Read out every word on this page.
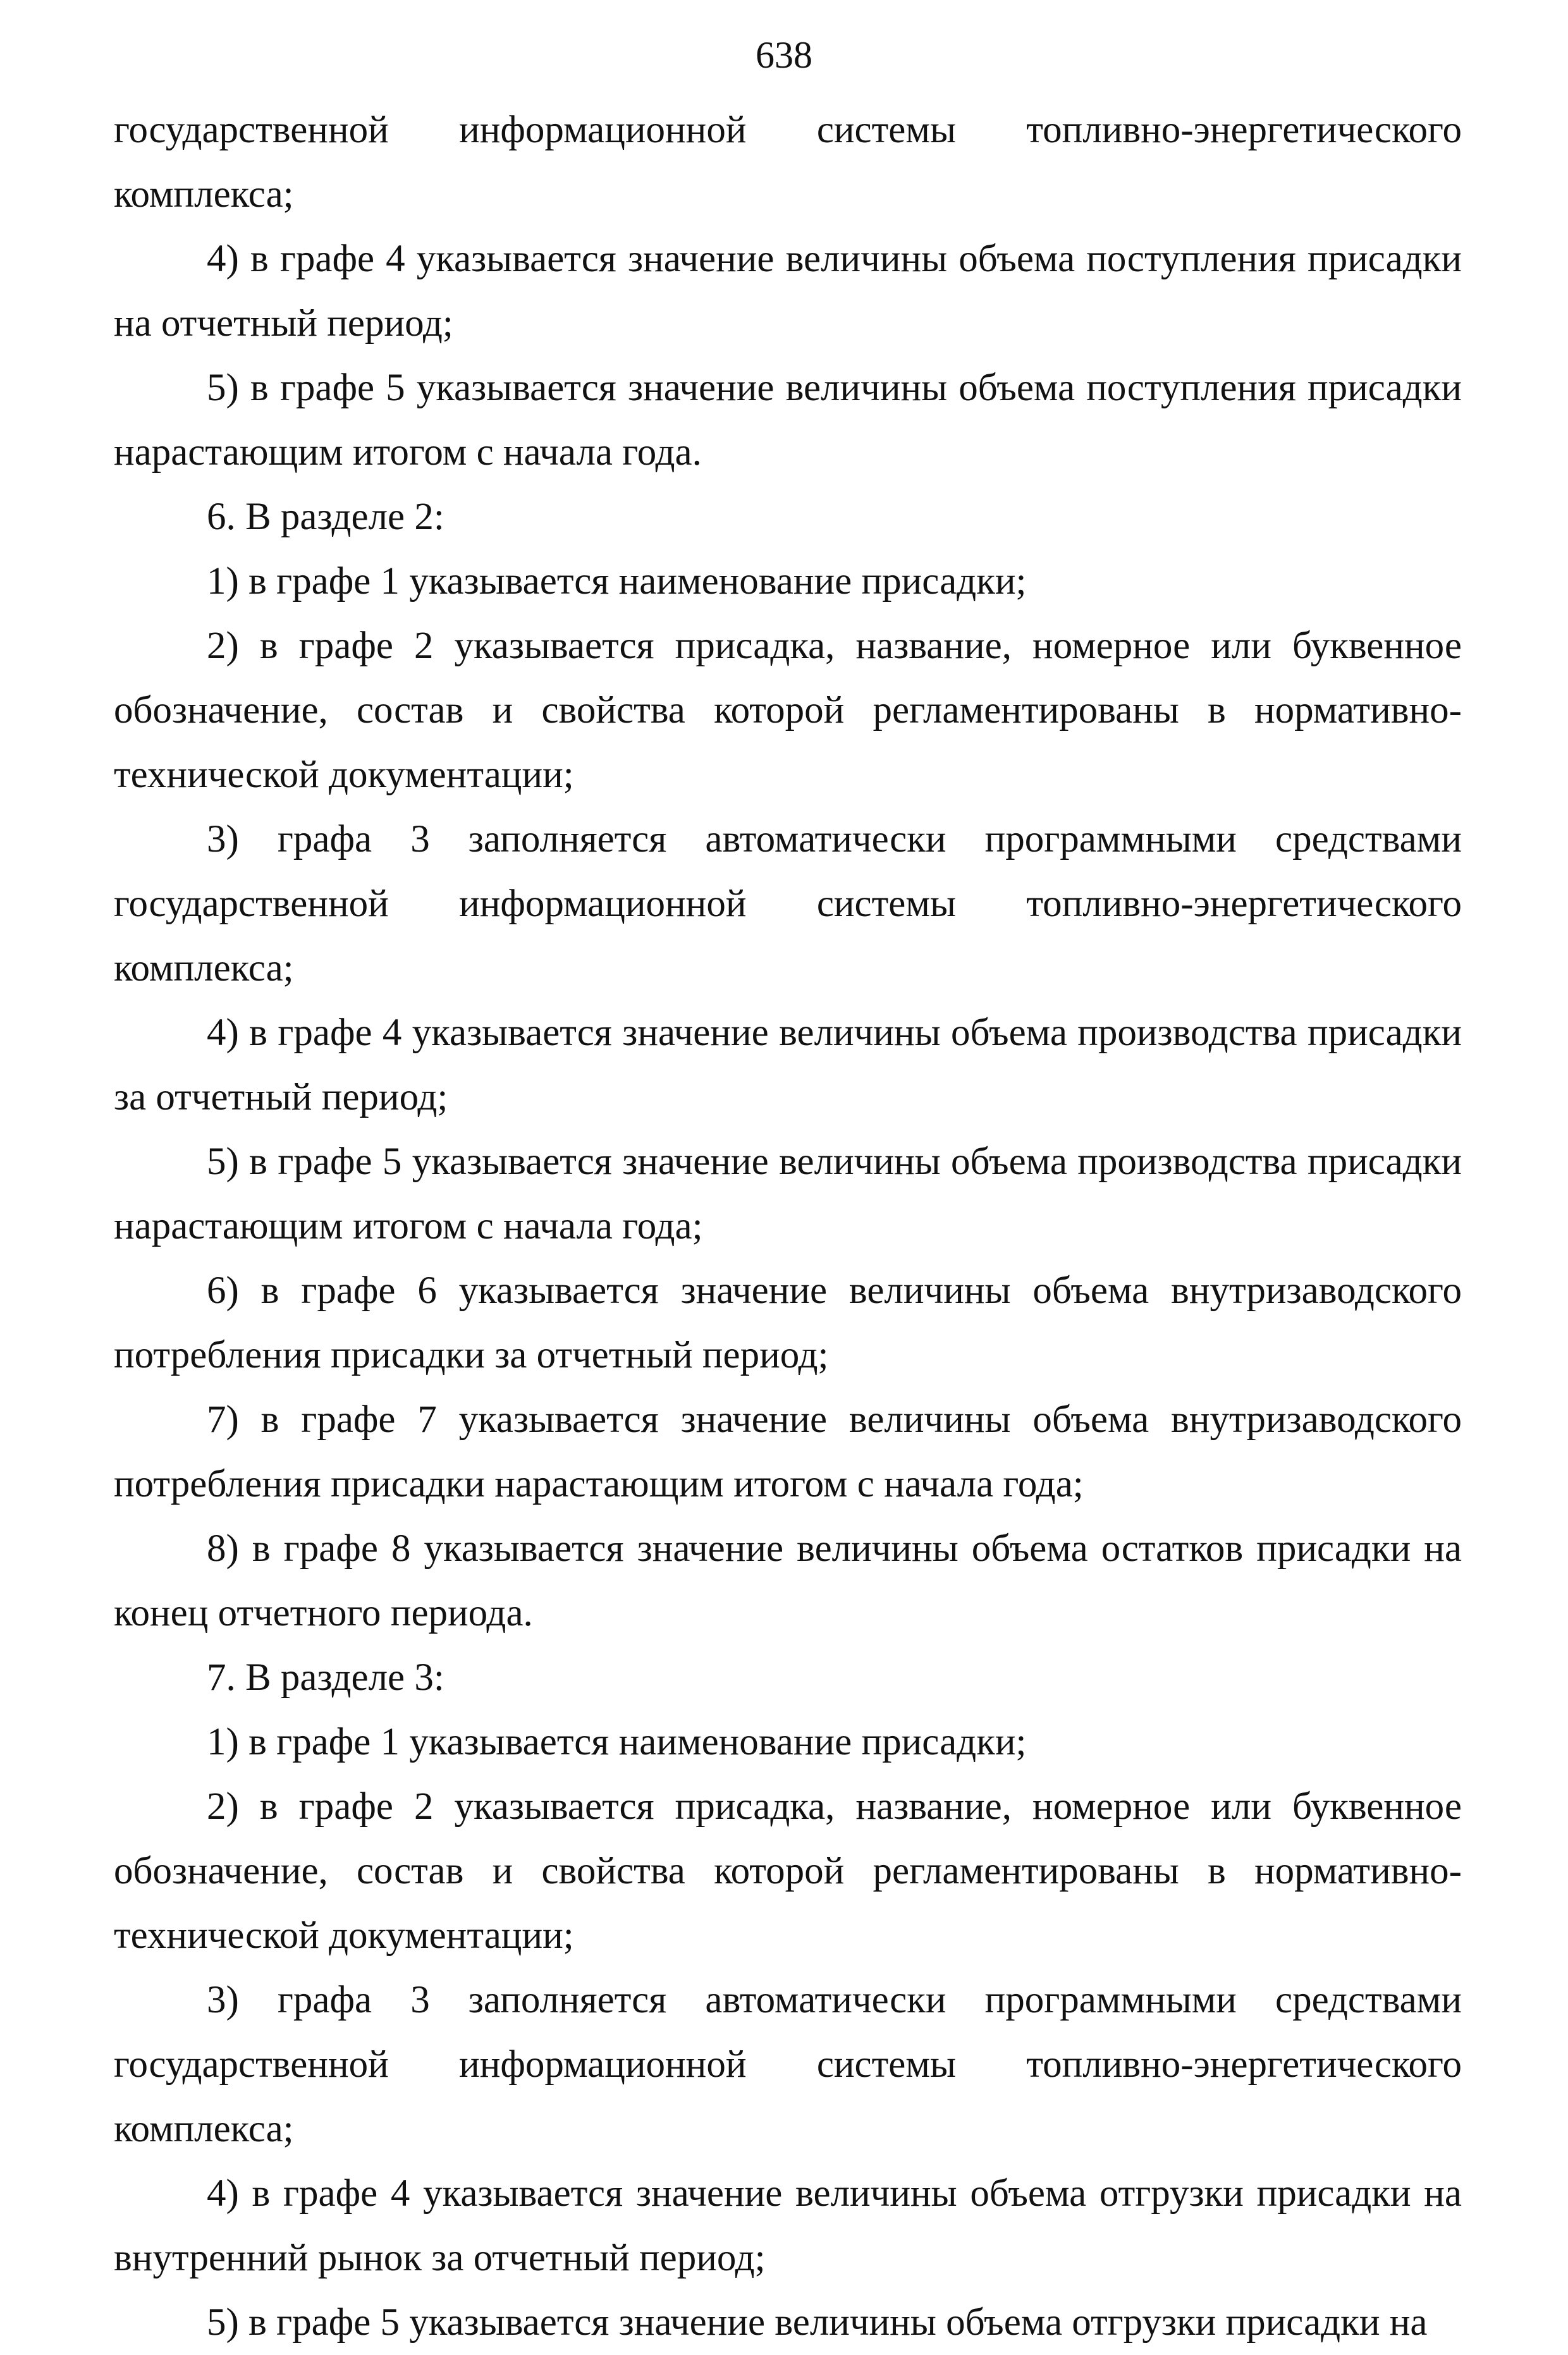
638

государственной информационной системы топливно-энергетического комплекса;

4) в графе 4 указывается значение величины объема поступления присадки на отчетный период;

5) в графе 5 указывается значение величины объема поступления присадки нарастающим итогом с начала года.

6. В разделе 2:

1) в графе 1 указывается наименование присадки;

2) в графе 2 указывается присадка, название, номерное или буквенное обозначение, состав и свойства которой регламентированы в нормативно-технической документации;

3) графа 3 заполняется автоматически программными средствами государственной информационной системы топливно-энергетического комплекса;

4) в графе 4 указывается значение величины объема производства присадки за отчетный период;

5) в графе 5 указывается значение величины объема производства присадки нарастающим итогом с начала года;

6) в графе 6 указывается значение величины объема внутризаводского потребления присадки за отчетный период;

7) в графе 7 указывается значение величины объема внутризаводского потребления присадки нарастающим итогом с начала года;

8) в графе 8 указывается значение величины объема остатков присадки на конец отчетного периода.

7. В разделе 3:

1) в графе 1 указывается наименование присадки;

2) в графе 2 указывается присадка, название, номерное или буквенное обозначение, состав и свойства которой регламентированы в нормативно-технической документации;

3) графа 3 заполняется автоматически программными средствами государственной информационной системы топливно-энергетического комплекса;

4) в графе 4 указывается значение величины объема отгрузки присадки на внутренний рынок за отчетный период;

5) в графе 5 указывается значение величины объема отгрузки присадки на
